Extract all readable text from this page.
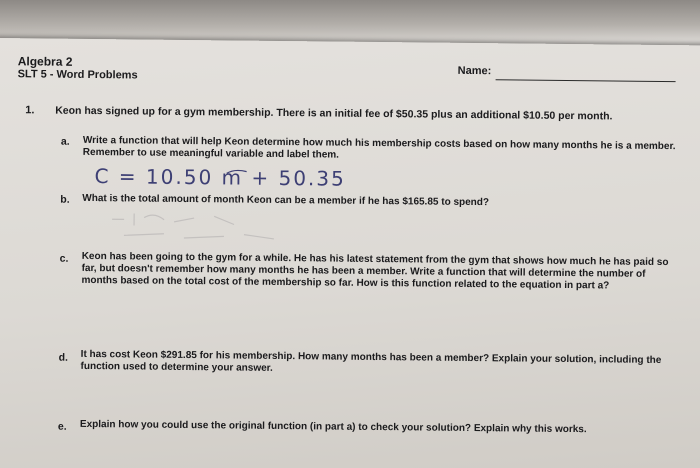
Algebra 2
SLT 5 - Word Problems	Name:
1. Keon has signed up for a gym membership. There is an initial fee of $50.35 plus an additional $10.50 per month.
a. Write a function that will help Keon determine how much his membership costs based on how many months he is a member. Remember to use meaningful variable and label them.
C = 10.50 m + 50.35
b. What is the total amount of month Keon can be a member if he has $165.85 to spend?
c. Keon has been going to the gym for a while. He has his latest statement from the gym that shows how much he has paid so far, but doesn't remember how many months he has been a member. Write a function that will determine the number of months based on the total cost of the membership so far. How is this function related to the equation in part a?
d. It has cost Keon $291.85 for his membership. How many months has been a member? Explain your solution, including the function used to determine your answer.
e. Explain how you could use the original function (in part a) to check your solution? Explain why this works.
